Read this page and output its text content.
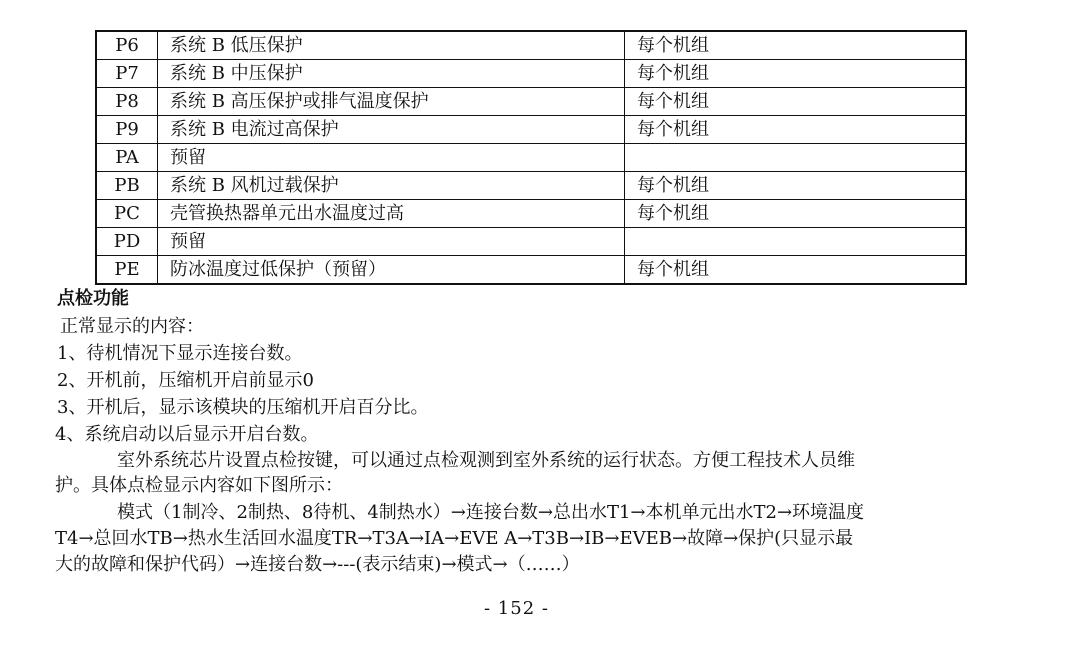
P6	系统 B 低压保护	每个机组
P7	系统 B 中压保护	每个机组
P8	系统 B 高压保护或排气温度保护	每个机组
P9	系统 B 电流过高保护	每个机组
PA	预留	
PB	系统 B 风机过载保护	每个机组
PC	壳管换热器单元出水温度过高	每个机组
PD	预留	
PE	防冰温度过低保护（预留）	每个机组
点检功能
正常显示的内容：
1、待机情况下显示连接台数。
2、开机前，压缩机开启前显示0
3、开机后，显示该模块的压缩机开启百分比。
4、系统启动以后显示开启台数。
室外系统芯片设置点检按键，可以通过点检观测到室外系统的运行状态。方便工程技术人员维
护。具体点检显示内容如下图所示：
模式（1制冷、2制热、8待机、4制热水）→连接台数→总出水T1→本机单元出水T2→环境温度
T4→总回水TB→热水生活回水温度TR→T3A→IA→EVE A→T3B→IB→EVEB→故障→保护(只显示最
大的故障和保护代码）→连接台数→---(表示结束)→模式→（……）
- 152 -
